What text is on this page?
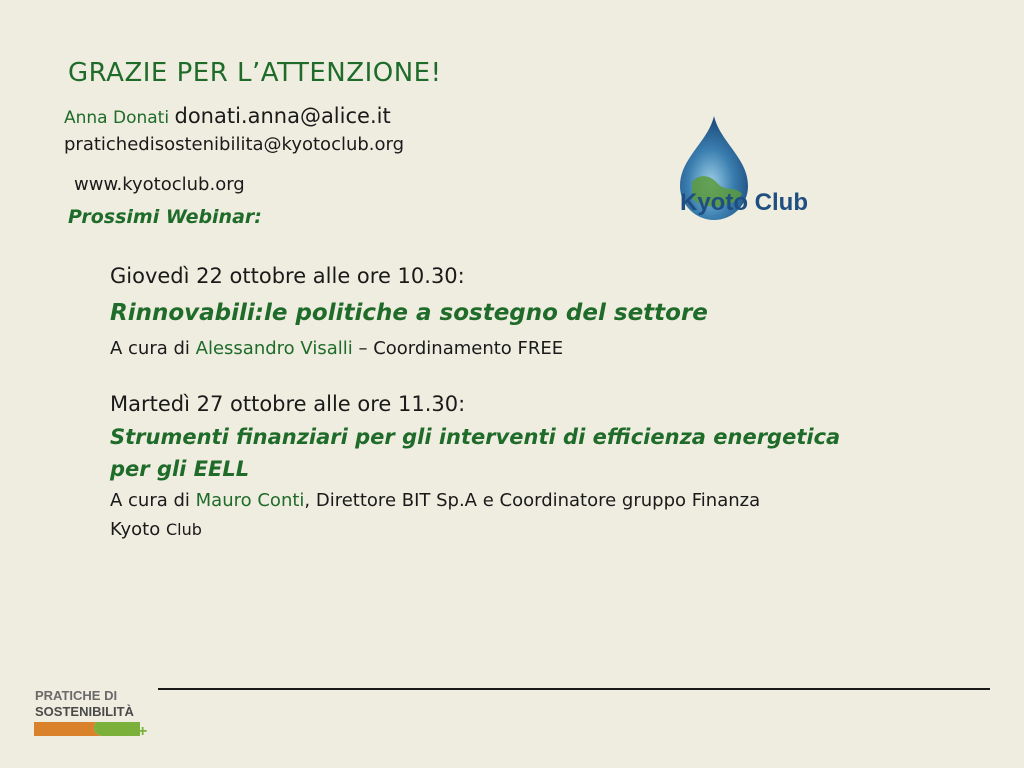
GRAZIE PER L’ATTENZIONE!
Anna Donati donati.anna@alice.it
pratichedisostenibilita@kyotoclub.org
www.kyotoclub.org
Prossimi Webinar:
Kyoto Club
Giovedì 22 ottobre alle ore 10.30:
Rinnovabili:le politiche a sostegno del settore
A cura di Alessandro Visalli – Coordinamento FREE
Martedì 27 ottobre alle ore 11.30:
Strumenti finanziari per gli interventi di efficienza energetica
per gli EELL
A cura di Mauro Conti, Direttore BIT Sp.A e Coordinatore gruppo Finanza
Kyoto Club
PRATICHE DI
SOSTENIBILITÀ
+
